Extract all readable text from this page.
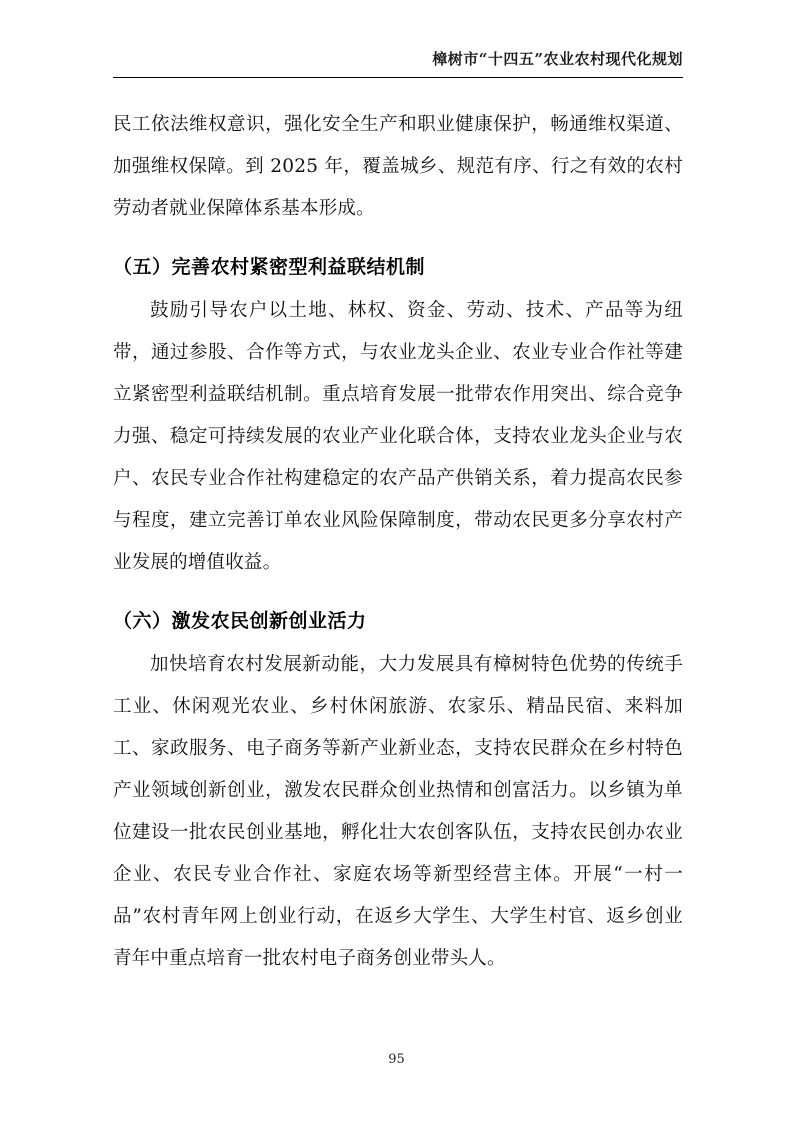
樟树市“十四五”农业农村现代化规划

民工依法维权意识，强化安全生产和职业健康保护，畅通维权渠道、加强维权保障。到 2025 年，覆盖城乡、规范有序、行之有效的农村劳动者就业保障体系基本形成。

（五）完善农村紧密型利益联结机制

鼓励引导农户以土地、林权、资金、劳动、技术、产品等为纽带，通过参股、合作等方式，与农业龙头企业、农业专业合作社等建立紧密型利益联结机制。重点培育发展一批带农作用突出、综合竞争力强、稳定可持续发展的农业产业化联合体，支持农业龙头企业与农户、农民专业合作社构建稳定的农产品产供销关系，着力提高农民参与程度，建立完善订单农业风险保障制度，带动农民更多分享农村产业发展的增值收益。

（六）激发农民创新创业活力

加快培育农村发展新动能，大力发展具有樟树特色优势的传统手工业、休闲观光农业、乡村休闲旅游、农家乐、精品民宿、来料加工、家政服务、电子商务等新产业新业态，支持农民群众在乡村特色产业领域创新创业，激发农民群众创业热情和创富活力。以乡镇为单位建设一批农民创业基地，孵化壮大农创客队伍，支持农民创办农业企业、农民专业合作社、家庭农场等新型经营主体。开展“一村一品”农村青年网上创业行动，在返乡大学生、大学生村官、返乡创业青年中重点培育一批农村电子商务创业带头人。

95
